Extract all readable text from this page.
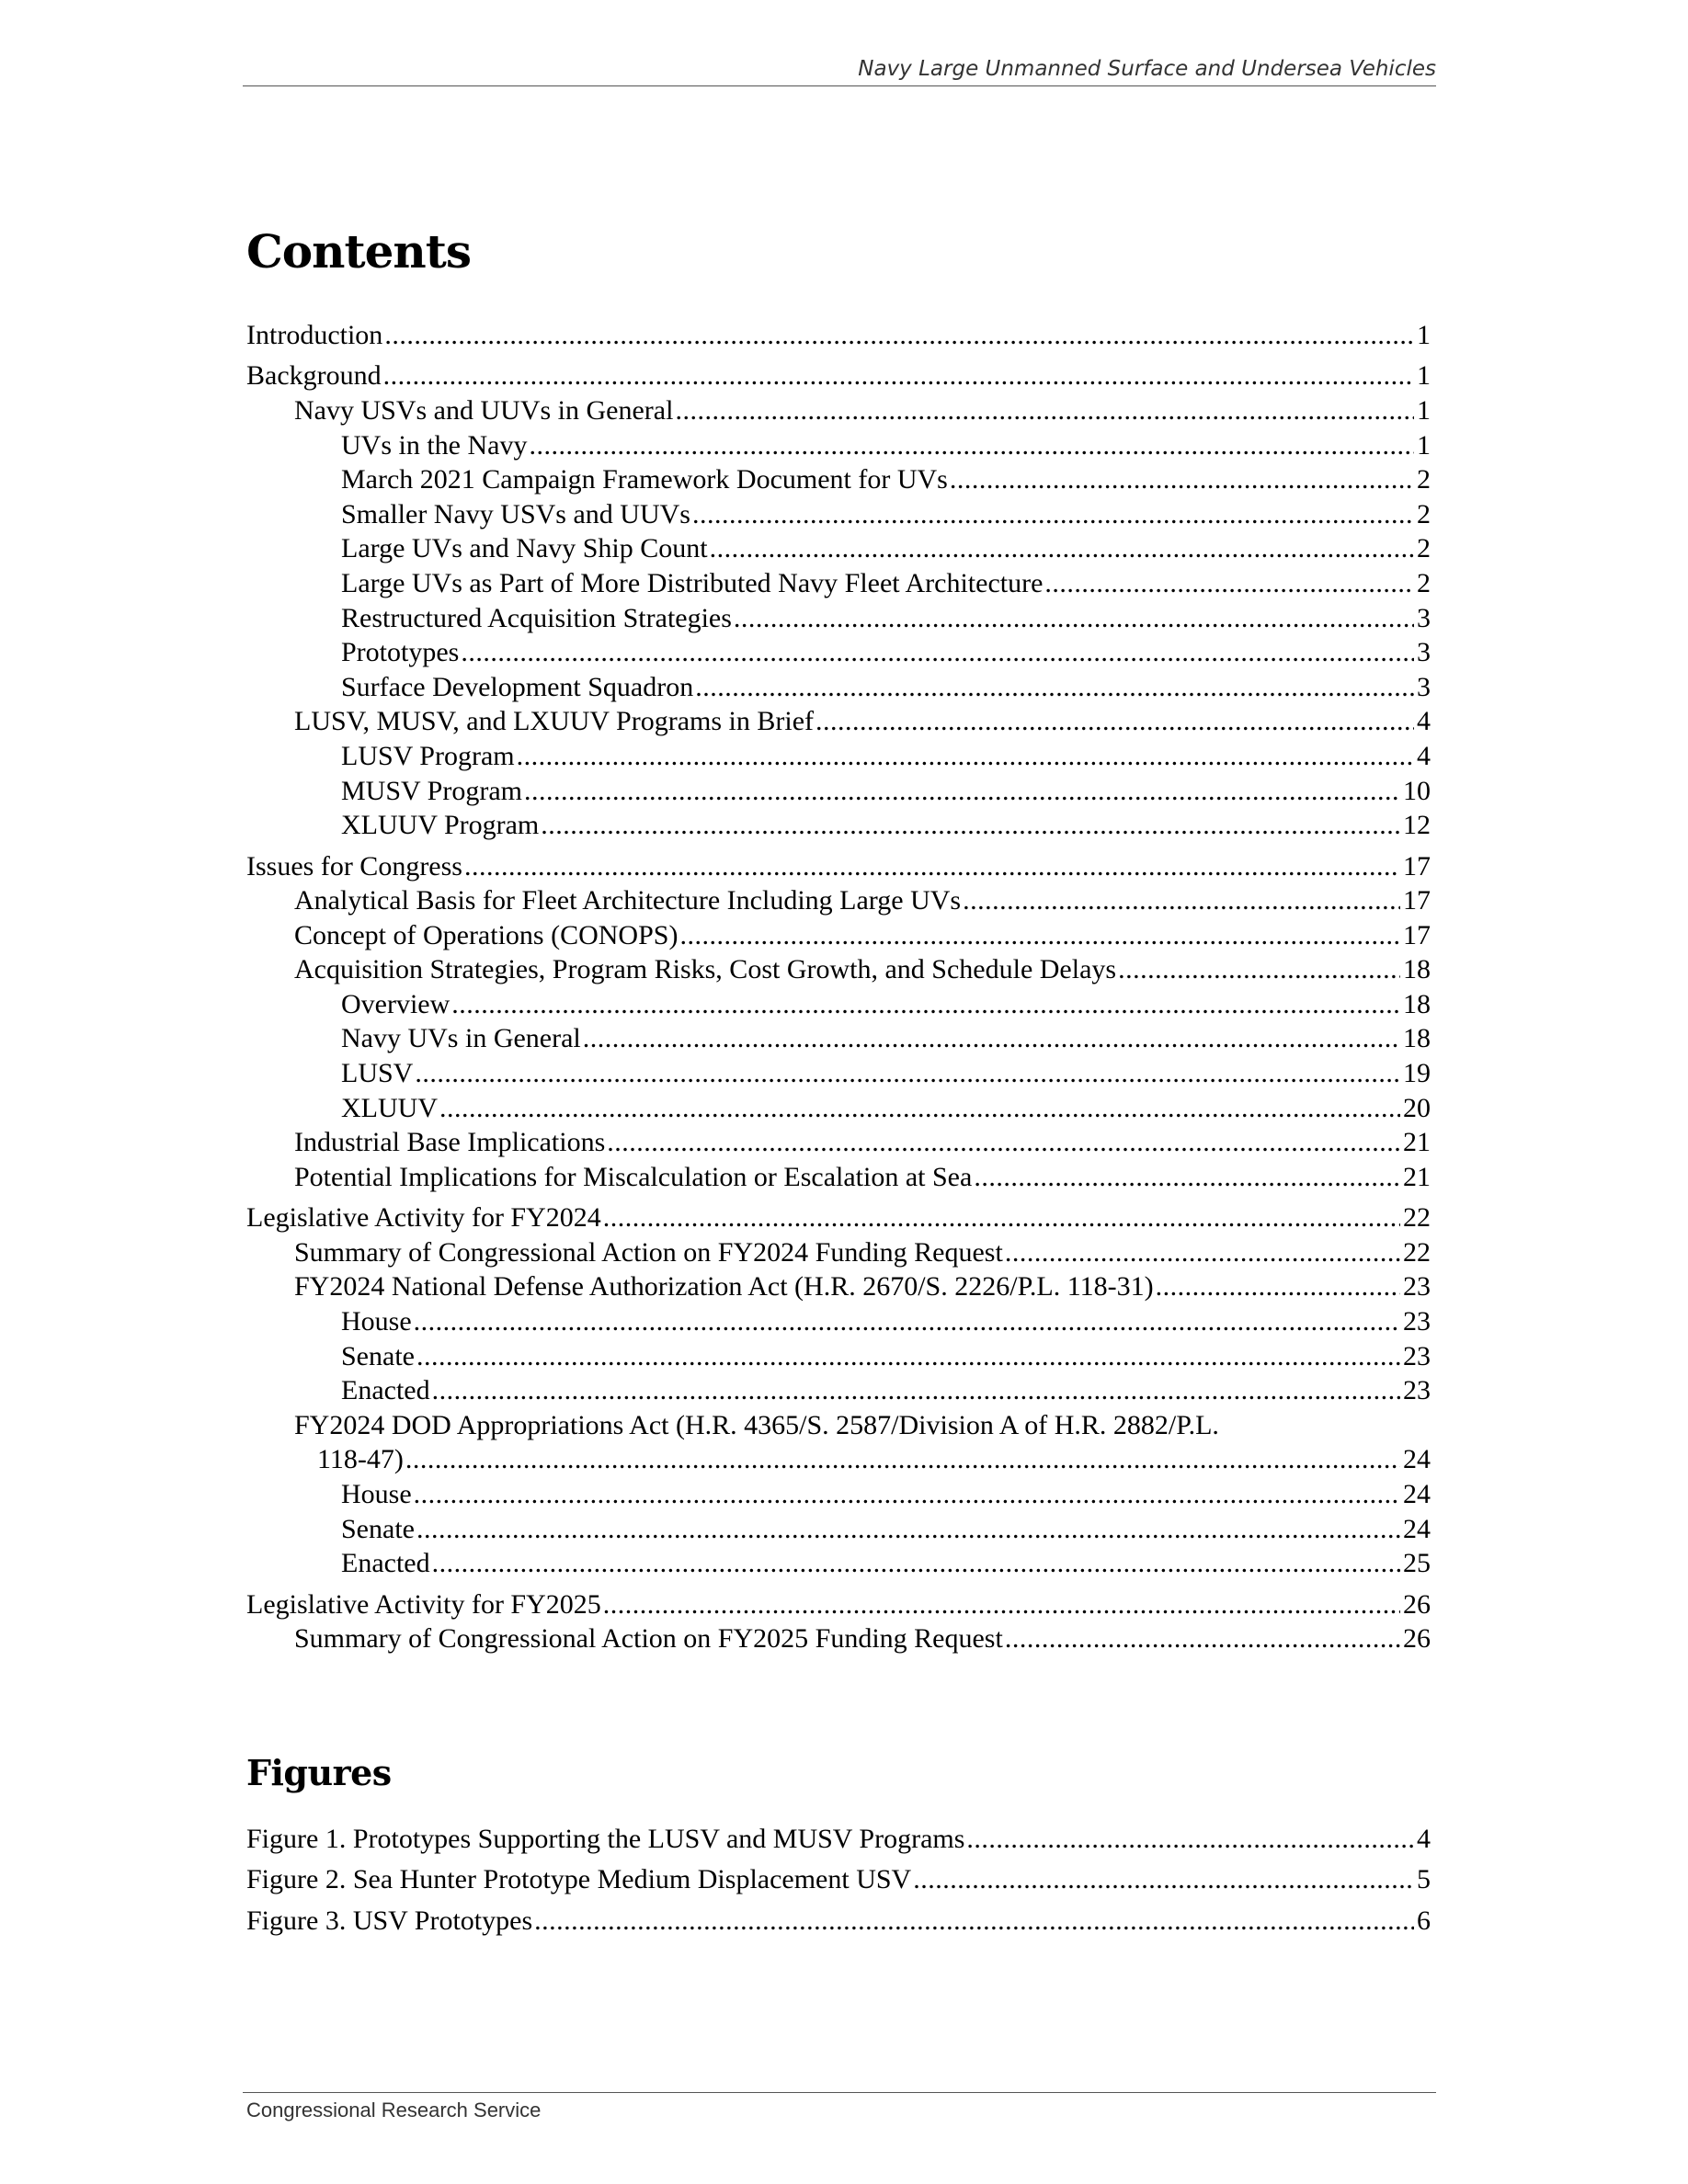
Navy Large Unmanned Surface and Undersea Vehicles
Contents
Introduction .....	1
Background .....	1
Navy USVs and UUVs in General .....	1
UVs in the Navy .....	1
March 2021 Campaign Framework Document for UVs .....	2
Smaller Navy USVs and UUVs .....	2
Large UVs and Navy Ship Count .....	2
Large UVs as Part of More Distributed Navy Fleet Architecture .....	2
Restructured Acquisition Strategies .....	3
Prototypes .....	3
Surface Development Squadron .....	3
LUSV, MUSV, and LXUUV Programs in Brief .....	4
LUSV Program .....	4
MUSV Program .....	10
XLUUV Program .....	12
Issues for Congress .....	17
Analytical Basis for Fleet Architecture Including Large UVs .....	17
Concept of Operations (CONOPS) .....	17
Acquisition Strategies, Program Risks, Cost Growth, and Schedule Delays .....	18
Overview .....	18
Navy UVs in General .....	18
LUSV .....	19
XLUUV .....	20
Industrial Base Implications .....	21
Potential Implications for Miscalculation or Escalation at Sea .....	21
Legislative Activity for FY2024 .....	22
Summary of Congressional Action on FY2024 Funding Request .....	22
FY2024 National Defense Authorization Act (H.R. 2670/S. 2226/P.L. 118-31) .....	23
House .....	23
Senate .....	23
Enacted .....	23
FY2024 DOD Appropriations Act (H.R. 4365/S. 2587/Division A of H.R. 2882/P.L.
118-47) .....	24
House .....	24
Senate .....	24
Enacted .....	25
Legislative Activity for FY2025 .....	26
Summary of Congressional Action on FY2025 Funding Request .....	26
Figures
Figure 1. Prototypes Supporting the LUSV and MUSV Programs .....	4
Figure 2. Sea Hunter Prototype Medium Displacement USV .....	5
Figure 3. USV Prototypes .....	6
Congressional Research Service
